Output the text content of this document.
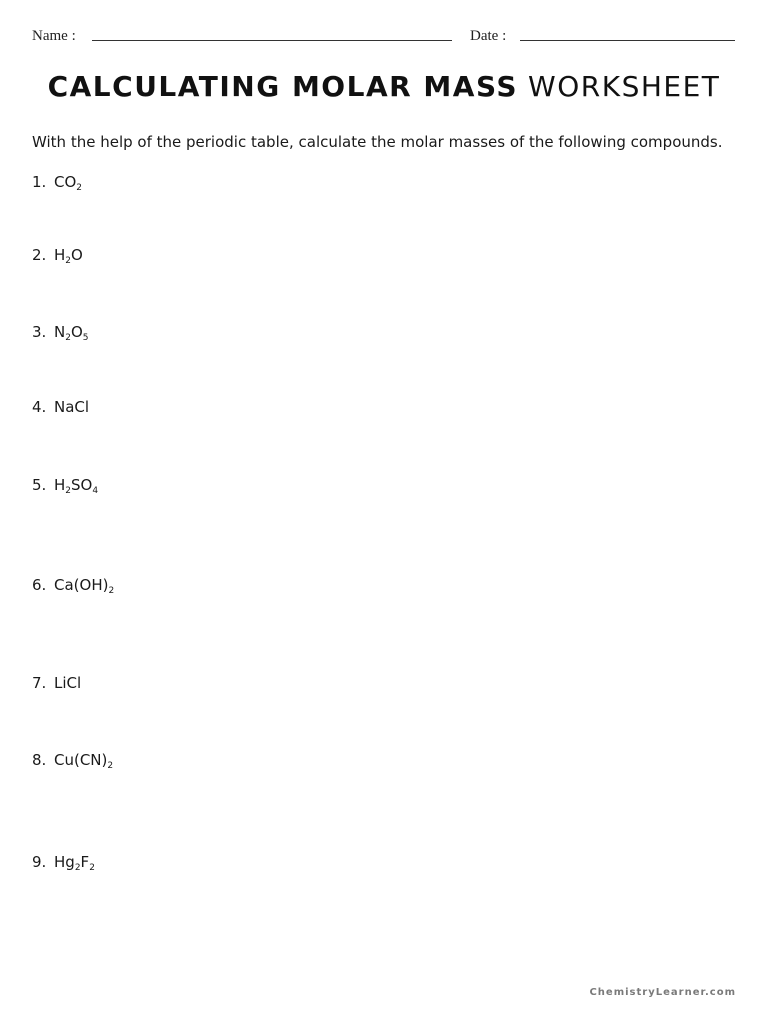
Name :	Date :
CALCULATING MOLAR MASS WORKSHEET
With the help of the periodic table, calculate the molar masses of the following compounds.
1. $CO_2$
2. $H_2O$
3. $N_2O_5$
4. NaCl
5. $H_2SO_4$
6. $Ca(OH)_2$
7. LiCl
8. $Cu(CN)_2$
9. $Hg_2F_2$
ChemistryLearner.com
